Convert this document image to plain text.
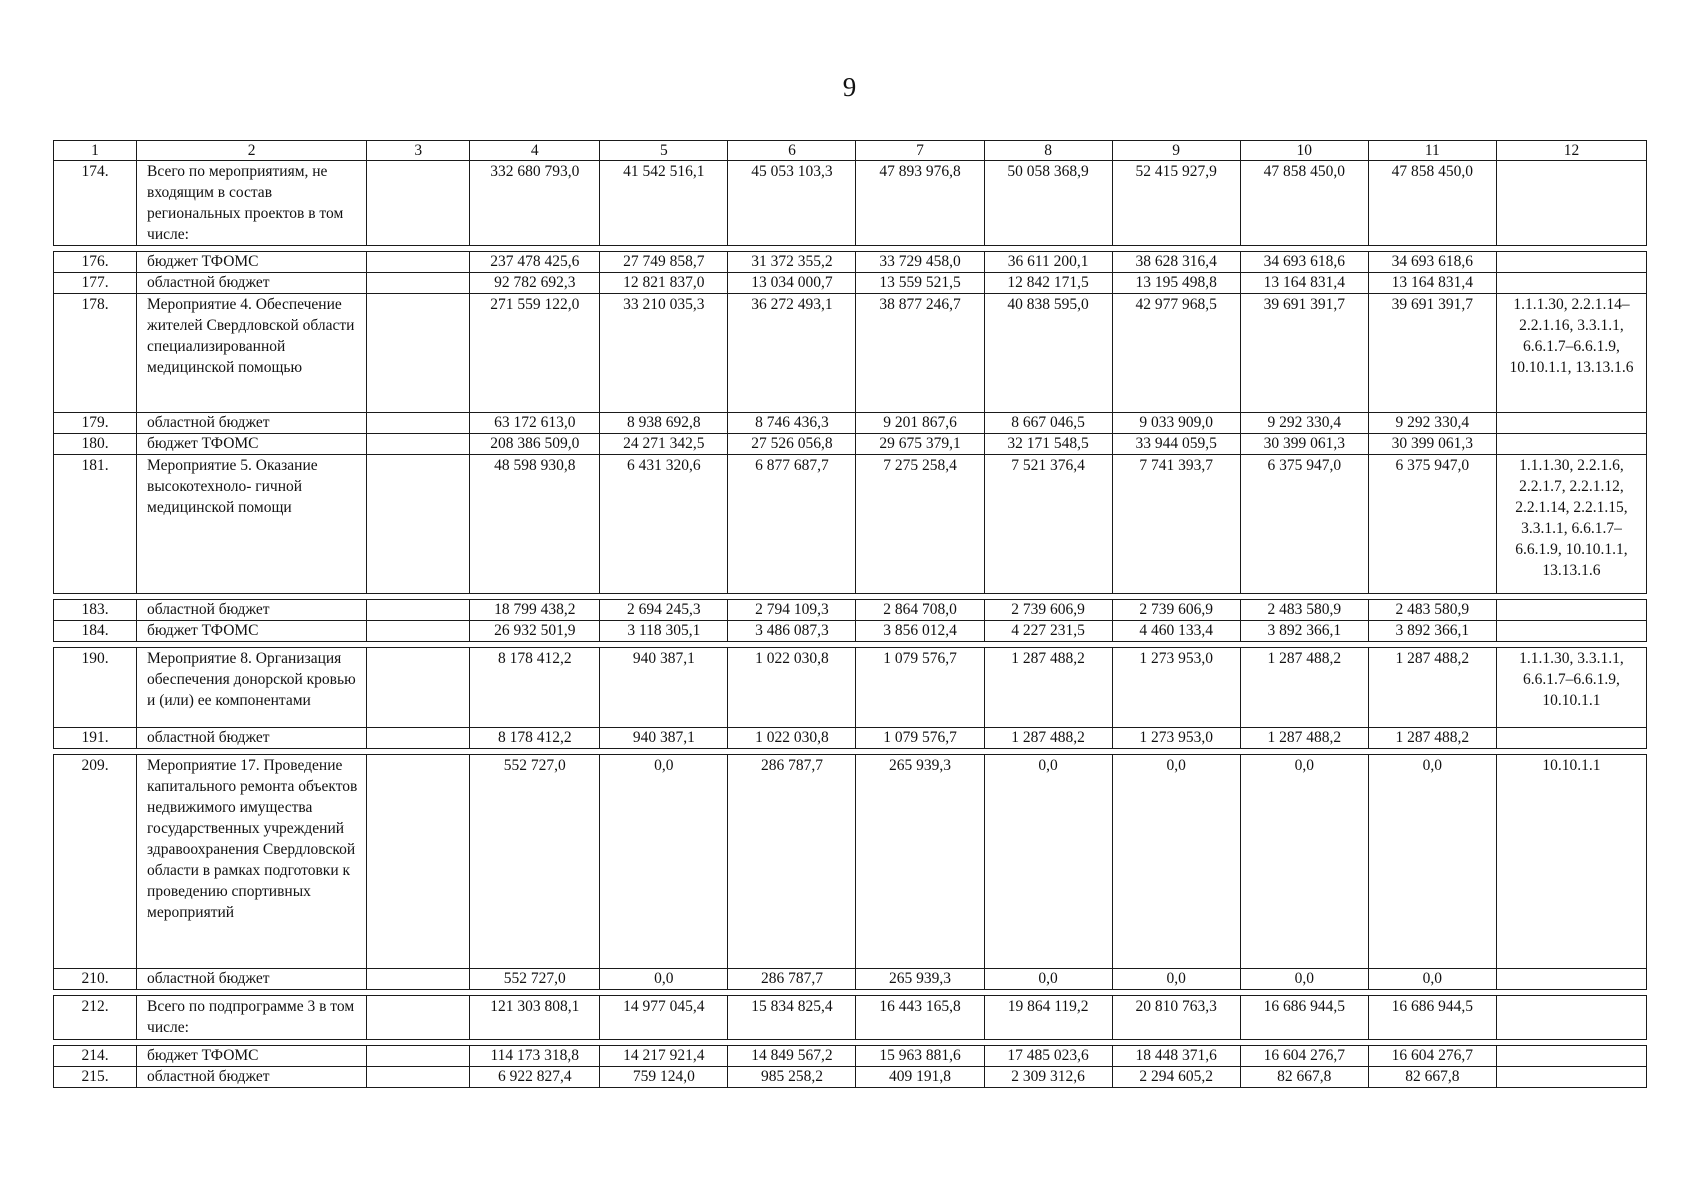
9
1	2	3	4	5	6	7	8	9	10	11	12
174.	Всего по мероприятиям, не входящим в состав региональных проектов в том числе:		332 680 793,0	41 542 516,1	45 053 103,3	47 893 976,8	50 058 368,9	52 415 927,9	47 858 450,0	47 858 450,0	

176.	бюджет ТФОМС		237 478 425,6	27 749 858,7	31 372 355,2	33 729 458,0	36 611 200,1	38 628 316,4	34 693 618,6	34 693 618,6	
177.	областной бюджет		92 782 692,3	12 821 837,0	13 034 000,7	13 559 521,5	12 842 171,5	13 195 498,8	13 164 831,4	13 164 831,4	
178.	Мероприятие 4. Обеспечение жителей Свердловской области специализированной медицинской помощью		271 559 122,0	33 210 035,3	36 272 493,1	38 877 246,7	40 838 595,0	42 977 968,5	39 691 391,7	39 691 391,7	1.1.1.30, 2.2.1.14– 2.2.1.16, 3.3.1.1, 6.6.1.7–6.6.1.9, 10.10.1.1, 13.13.1.6
179.	областной бюджет		63 172 613,0	8 938 692,8	8 746 436,3	9 201 867,6	8 667 046,5	9 033 909,0	9 292 330,4	9 292 330,4	
180.	бюджет ТФОМС		208 386 509,0	24 271 342,5	27 526 056,8	29 675 379,1	32 171 548,5	33 944 059,5	30 399 061,3	30 399 061,3	
181.	Мероприятие 5. Оказание высокотехноло- гичной медицинской помощи		48 598 930,8	6 431 320,6	6 877 687,7	7 275 258,4	7 521 376,4	7 741 393,7	6 375 947,0	6 375 947,0	1.1.1.30, 2.2.1.6, 2.2.1.7, 2.2.1.12, 2.2.1.14, 2.2.1.15, 3.3.1.1, 6.6.1.7–6.6.1.9, 10.10.1.1, 13.13.1.6

183.	областной бюджет		18 799 438,2	2 694 245,3	2 794 109,3	2 864 708,0	2 739 606,9	2 739 606,9	2 483 580,9	2 483 580,9	
184.	бюджет ТФОМС		26 932 501,9	3 118 305,1	3 486 087,3	3 856 012,4	4 227 231,5	4 460 133,4	3 892 366,1	3 892 366,1	

190.	Мероприятие 8. Организация обеспечения донорской кровью и (или) ее компонентами		8 178 412,2	940 387,1	1 022 030,8	1 079 576,7	1 287 488,2	1 273 953,0	1 287 488,2	1 287 488,2	1.1.1.30, 3.3.1.1, 6.6.1.7–6.6.1.9, 10.10.1.1
191.	областной бюджет		8 178 412,2	940 387,1	1 022 030,8	1 079 576,7	1 287 488,2	1 273 953,0	1 287 488,2	1 287 488,2	

209.	Мероприятие 17. Проведение капитального ремонта объектов недвижимого имущества государственных учреждений здравоохранения Свердловской области в рамках подготовки к проведению спортивных мероприятий		552 727,0	0,0	286 787,7	265 939,3	0,0	0,0	0,0	0,0	10.10.1.1
210.	областной бюджет		552 727,0	0,0	286 787,7	265 939,3	0,0	0,0	0,0	0,0	

212.	Всего по подпрограмме 3 в том числе:		121 303 808,1	14 977 045,4	15 834 825,4	16 443 165,8	19 864 119,2	20 810 763,3	16 686 944,5	16 686 944,5	

214.	бюджет ТФОМС		114 173 318,8	14 217 921,4	14 849 567,2	15 963 881,6	17 485 023,6	18 448 371,6	16 604 276,7	16 604 276,7	
215.	областной бюджет		6 922 827,4	759 124,0	985 258,2	409 191,8	2 309 312,6	2 294 605,2	82 667,8	82 667,8	
